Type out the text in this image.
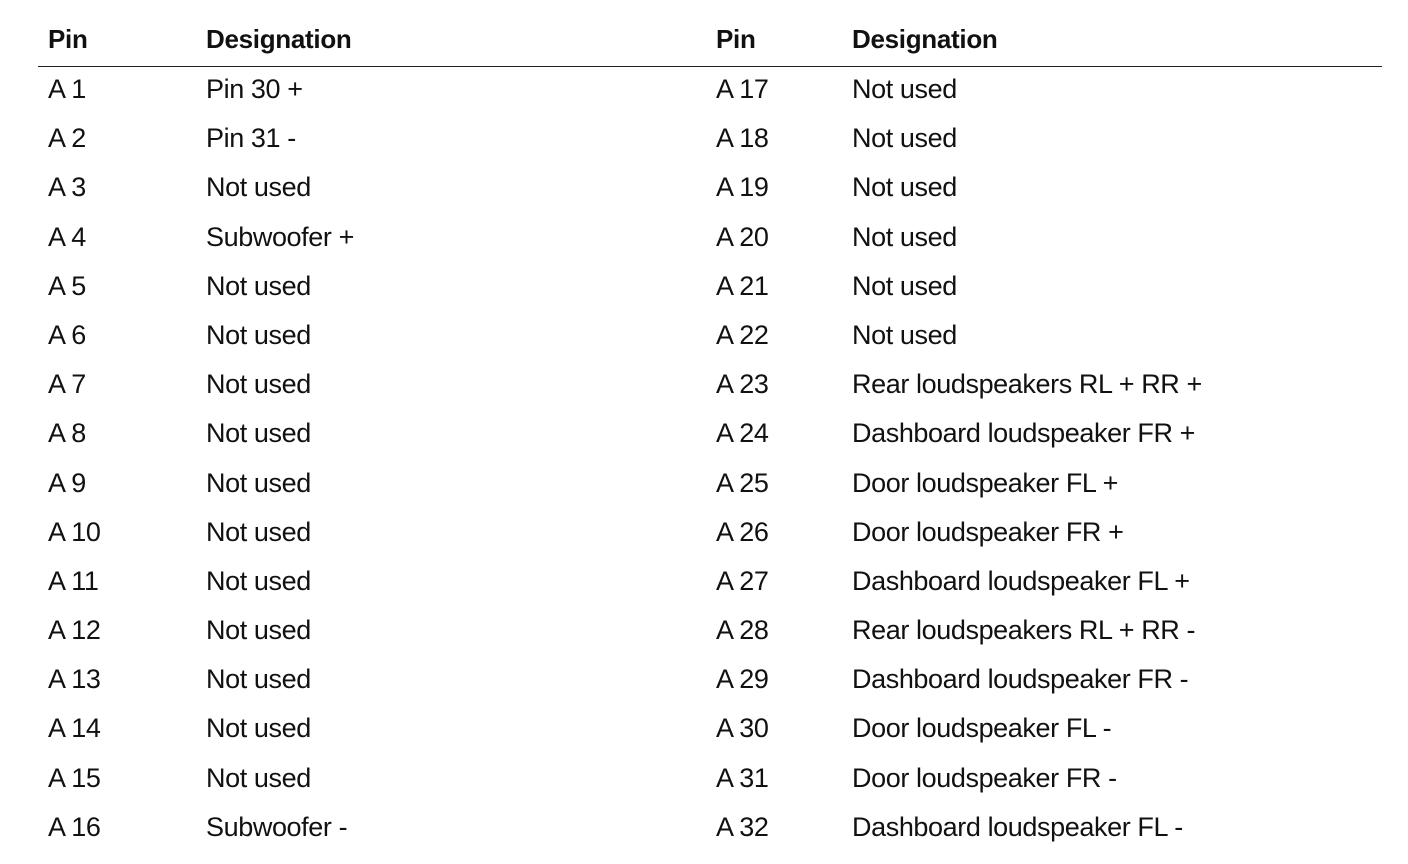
Pin	Designation	Pin	Designation
A 1	Pin 30 +	A 17	Not used
A 2	Pin 31 -	A 18	Not used
A 3	Not used	A 19	Not used
A 4	Subwoofer +	A 20	Not used
A 5	Not used	A 21	Not used
A 6	Not used	A 22	Not used
A 7	Not used	A 23	Rear loudspeakers RL + RR +
A 8	Not used	A 24	Dashboard loudspeaker FR +
A 9	Not used	A 25	Door loudspeaker FL +
A 10	Not used	A 26	Door loudspeaker FR +
A 11	Not used	A 27	Dashboard loudspeaker FL +
A 12	Not used	A 28	Rear loudspeakers RL + RR -
A 13	Not used	A 29	Dashboard loudspeaker FR -
A 14	Not used	A 30	Door loudspeaker FL -
A 15	Not used	A 31	Door loudspeaker FR -
A 16	Subwoofer -	A 32	Dashboard loudspeaker FL -
